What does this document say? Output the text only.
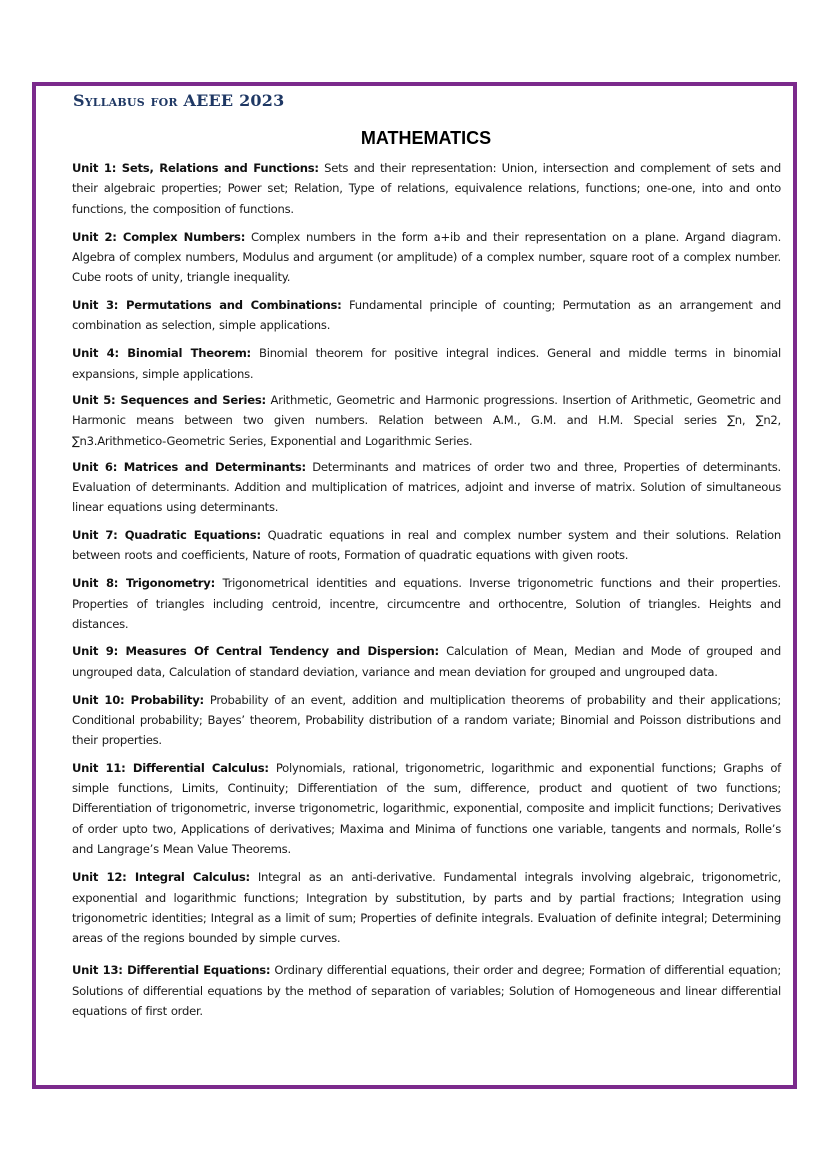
Syllabus for AEEE 2023
MATHEMATICS

Unit 1: Sets, Relations and Functions: Sets and their representation: Union, intersection and complement of sets and their algebraic properties; Power set; Relation, Type of relations, equivalence relations, functions; one-one, into and onto functions, the composition of functions.

Unit 2: Complex Numbers: Complex numbers in the form a+ib and their representation on a plane. Argand diagram. Algebra of complex numbers, Modulus and argument (or amplitude) of a complex number, square root of a complex number. Cube roots of unity, triangle inequality.

Unit 3: Permutations and Combinations: Fundamental principle of counting; Permutation as an arrangement and combination as selection, simple applications.

Unit 4: Binomial Theorem: Binomial theorem for positive integral indices. General and middle terms in binomial expansions, simple applications.

Unit 5: Sequences and Series: Arithmetic, Geometric and Harmonic progressions. Insertion of Arithmetic, Geometric and Harmonic means between two given numbers. Relation between A.M., G.M. and H.M. Special series ∑n, ∑n2, ∑n3.Arithmetico-Geometric Series, Exponential and Logarithmic Series.

Unit 6: Matrices and Determinants: Determinants and matrices of order two and three, Properties of determinants. Evaluation of determinants. Addition and multiplication of matrices, adjoint and inverse of matrix. Solution of simultaneous linear equations using determinants.

Unit 7: Quadratic Equations: Quadratic equations in real and complex number system and their solutions. Relation between roots and coefficients, Nature of roots, Formation of quadratic equations with given roots.

Unit 8: Trigonometry: Trigonometrical identities and equations. Inverse trigonometric functions and their properties. Properties of triangles including centroid, incentre, circumcentre and orthocentre, Solution of triangles. Heights and distances.

Unit 9: Measures Of Central Tendency and Dispersion: Calculation of Mean, Median and Mode of grouped and ungrouped data, Calculation of standard deviation, variance and mean deviation for grouped and ungrouped data.

Unit 10: Probability: Probability of an event, addition and multiplication theorems of probability and their applications; Conditional probability; Bayes’ theorem, Probability distribution of a random variate; Binomial and Poisson distributions and their properties.

Unit 11: Differential Calculus: Polynomials, rational, trigonometric, logarithmic and exponential functions; Graphs of simple functions, Limits, Continuity; Differentiation of the sum, difference, product and quotient of two functions; Differentiation of trigonometric, inverse trigonometric, logarithmic, exponential, composite and implicit functions; Derivatives of order upto two, Applications of derivatives; Maxima and Minima of functions one variable, tangents and normals, Rolle’s and Langrage’s Mean Value Theorems.

Unit 12: Integral Calculus: Integral as an anti-derivative. Fundamental integrals involving algebraic, trigonometric, exponential and logarithmic functions; Integration by substitution, by parts and by partial fractions; Integration using trigonometric identities; Integral as a limit of sum; Properties of definite integrals. Evaluation of definite integral; Determining areas of the regions bounded by simple curves.

Unit 13: Differential Equations: Ordinary differential equations, their order and degree; Formation of differential equation; Solutions of differential equations by the method of separation of variables; Solution of Homogeneous and linear differential equations of first order.
